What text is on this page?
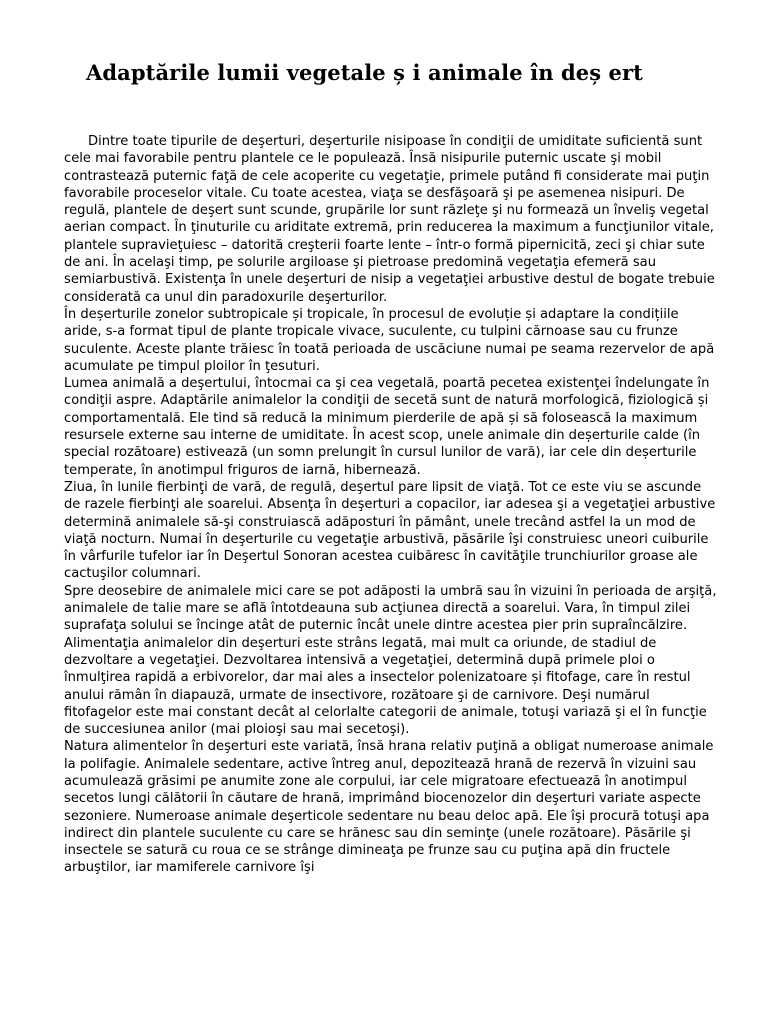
Adaptările lumii vegetale ș i animale în deș ert

Dintre toate tipurile de deşerturi, deşerturile nisipoase în condiţii de umiditate suficientă sunt cele mai favorabile pentru plantele ce le populează. Însă nisipurile puternic uscate şi mobil contrastează puternic faţă de cele acoperite cu vegetaţie, primele putând fi considerate mai puţin favorabile proceselor vitale. Cu toate acestea, viaţa se desfăşoară şi pe asemenea nisipuri. De regulă, plantele de deşert sunt scunde, grupările lor sunt răzleţe şi nu formează un înveliş vegetal aerian compact. În ţinuturile cu ariditate extremă, prin reducerea la maximum a funcţiunilor vitale, plantele supravieţuiesc – datorită creşterii foarte lente – într-o formă pipernicită, zeci şi chiar sute de ani. În acelaşi timp, pe solurile argiloase şi pietroase predomină vegetaţia efemeră sau semiarbustivă. Existenţa în unele deşerturi de nisip a vegetaţiei arbustive destul de bogate trebuie considerată ca unul din paradoxurile deşerturilor.

În deșerturile zonelor subtropicale și tropicale, în procesul de evoluție și adaptare la condițiile aride, s-a format tipul de plante tropicale vivace, suculente, cu tulpini cărnoase sau cu frunze suculente. Aceste plante trăiesc în toată perioada de uscăciune numai pe seama rezervelor de apă acumulate pe timpul ploilor în ţesuturi.

Lumea animală a deşertului, întocmai ca şi cea vegetală, poartă pecetea existenţei îndelungate în condiţii aspre. Adaptările animalelor la condiţii de secetă sunt de natură morfologică, fiziologică și comportamentală. Ele tind să reducă la minimum pierderile de apă și să folosească la maximum resursele externe sau interne de umiditate. În acest scop, unele animale din deșerturile calde (în special rozătoare) estivează (un somn prelungit în cursul lunilor de vară), iar cele din deșerturile temperate, în anotimpul friguros de iarnă, hibernează.

Ziua, în lunile fierbinţi de vară, de regulă, deşertul pare lipsit de viaţă. Tot ce este viu se ascunde de razele fierbinţi ale soarelui. Absenţa în deşerturi a copacilor, iar adesea şi a vegetaţiei arbustive determină animalele să-şi construiască adăposturi în pământ, unele trecând astfel la un mod de viaţă nocturn. Numai în deşerturile cu vegetaţie arbustivă, păsările îşi construiesc uneori cuiburile în vârfurile tufelor iar în Deşertul Sonoran acestea cuibăresc în cavităţile trunchiurilor groase ale cactuşilor columnari.

Spre deosebire de animalele mici care se pot adăposti la umbră sau în vizuini în perioada de arşiţă, animalele de talie mare se află întotdeauna sub acţiunea directă a soarelui. Vara, în timpul zilei suprafaţa solului se încinge atât de puternic încât unele dintre acestea pier prin supraîncălzire.

Alimentaţia animalelor din deşerturi este strâns legată, mai mult ca oriunde, de stadiul de dezvoltare a vegetaţiei. Dezvoltarea intensivă a vegetaţiei, determină după primele ploi o înmulţirea rapidă a erbivorelor, dar mai ales a insectelor polenizatoare și fitofage, care în restul anului rămân în diapauză, urmate de insectivore, rozătoare şi de carnivore. Deşi numărul fitofagelor este mai constant decât al celorlalte categorii de animale, totuşi variază şi el în funcţie de succesiunea anilor (mai ploioşi sau mai secetoşi).

Natura alimentelor în deşerturi este variată, însă hrana relativ puţină a obligat numeroase animale la polifagie. Animalele sedentare, active întreg anul, depozitează hrană de rezervă în vizuini sau acumulează grăsimi pe anumite zone ale corpului, iar cele migratoare efectuează în anotimpul secetos lungi călătorii în căutare de hrană, imprimând biocenozelor din deşerturi variate aspecte sezoniere. Numeroase animale deşerticole sedentare nu beau deloc apă. Ele îşi procură totuşi apa indirect din plantele suculente cu care se hrănesc sau din seminţe (unele rozătoare). Păsările şi insectele se satură cu roua ce se strânge dimineaţa pe frunze sau cu puţina apă din fructele arbuştilor, iar mamiferele carnivore îşi
